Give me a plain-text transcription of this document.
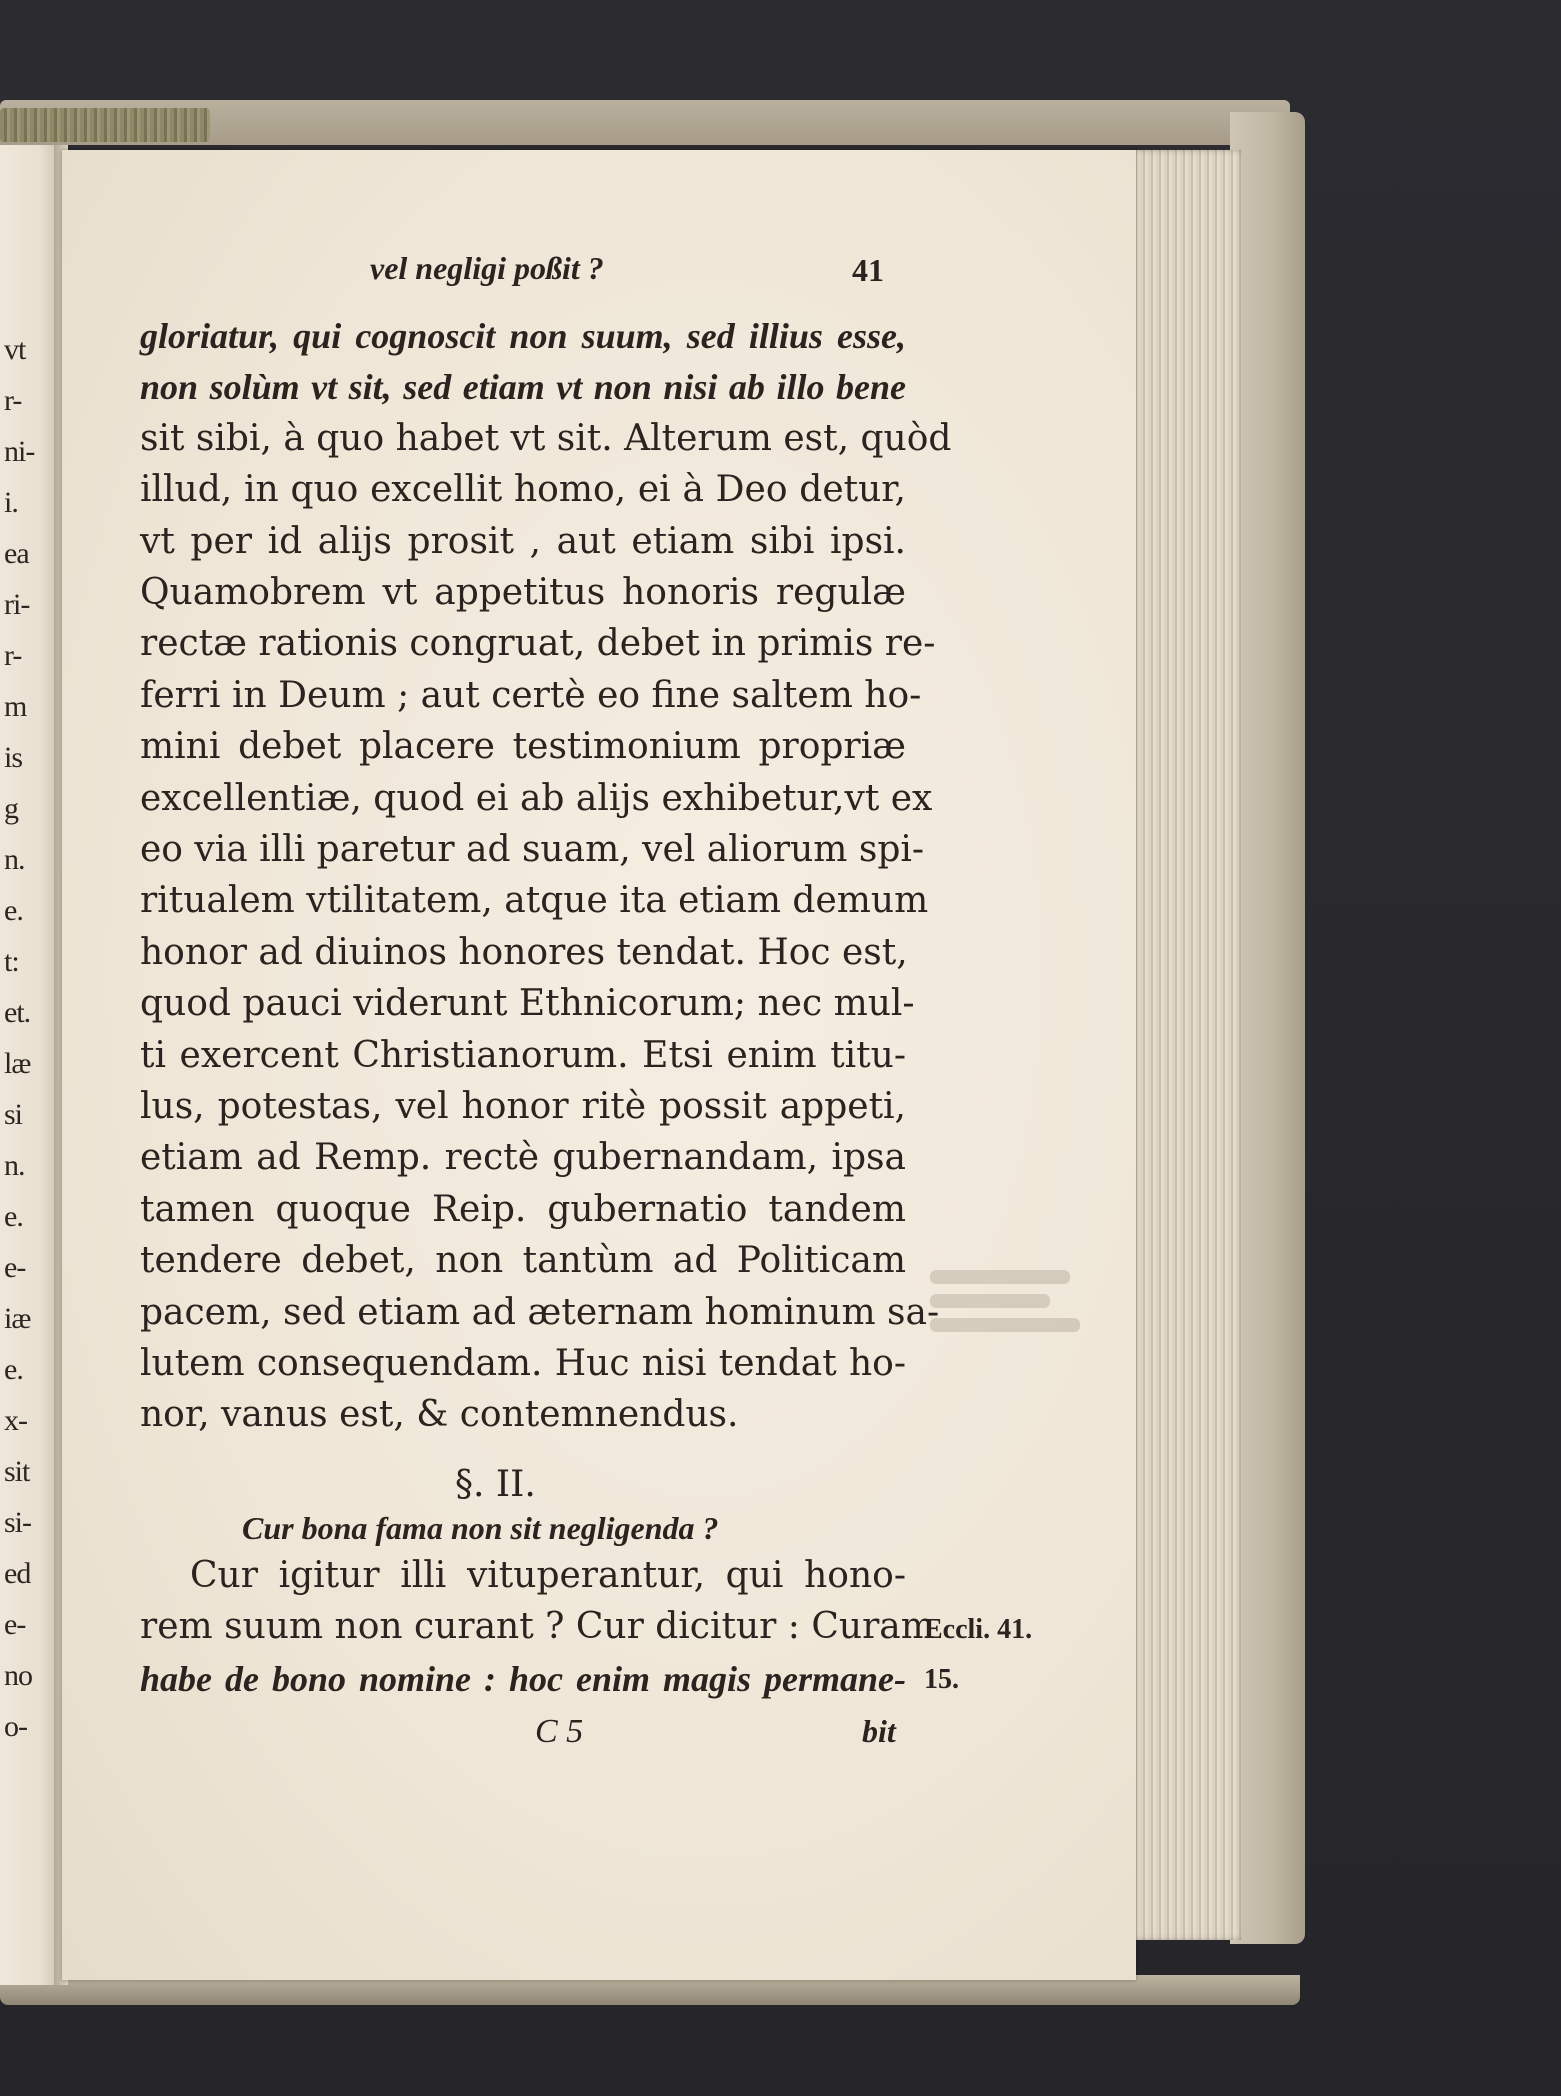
vt
r-
ni-
i.
ea
ri-
r-
m
is
g
n.
e.
t:
et.
læ
si
n.
e.
e-
iæ
e.
x-
sit
si-
ed
e-
no
o-
vel negligi poßit ?	41
gloriatur, qui cognoscit non suum, sed illius esse,
non solùm vt sit, sed etiam vt non nisi ab illo bene
sit sibi, à quo habet vt sit. Alterum est, quòd
illud, in quo excellit homo, ei à Deo detur,
vt per id alijs prosit , aut etiam sibi ipsi.
Quamobrem vt appetitus honoris regulæ
rectæ rationis congruat, debet in primis re-
ferri in Deum ; aut certè eo fine saltem ho-
mini debet placere testimonium propriæ
excellentiæ, quod ei ab alijs exhibetur,vt ex
eo via illi paretur ad suam, vel aliorum spi-
ritualem vtilitatem, atque ita etiam demum
honor ad diuinos honores tendat. Hoc est,
quod pauci viderunt Ethnicorum; nec mul-
ti exercent Christianorum. Etsi enim titu-
lus, potestas, vel honor ritè possit appeti,
etiam ad Remp. rectè gubernandam, ipsa
tamen quoque Reip. gubernatio tandem
tendere debet, non tantùm ad Politicam
pacem, sed etiam ad æternam hominum sa-
lutem consequendam. Huc nisi tendat ho-
nor, vanus est, & contemnendus.
§. II.
Cur bona fama non sit negligenda ?
Cur igitur illi vituperantur, qui hono-
rem suum non curant ? Cur dicitur : Curam
habe de bono nomine : hoc enim magis permane-
Eccli. 41.
15.
C 5	bit
